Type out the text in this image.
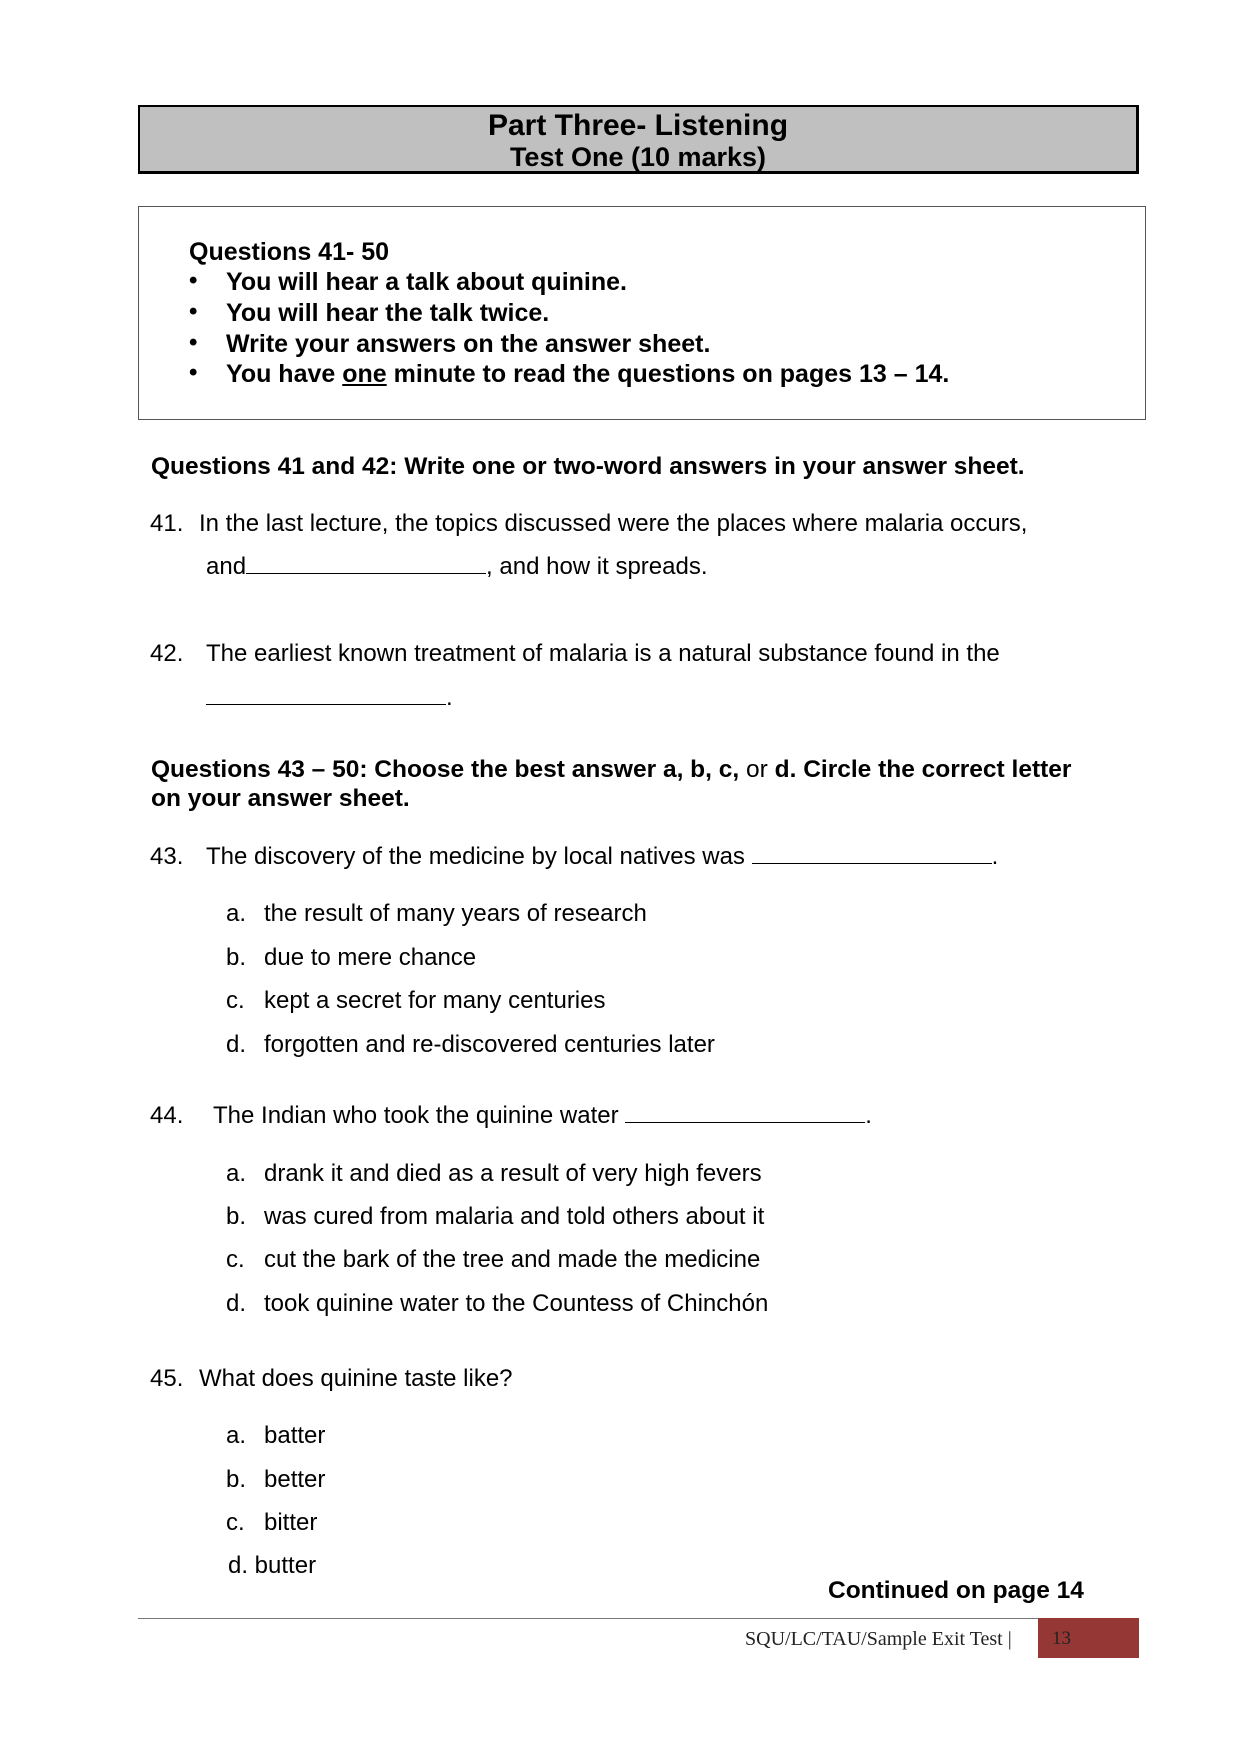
Part Three- Listening
Test One (10 marks)
Questions 41- 50
• You will hear a talk about quinine.
• You will hear the talk twice.
• Write your answers on the answer sheet.
• You have one minute to read the questions on pages 13 – 14.
Questions 41 and 42: Write one or two-word answers in your answer sheet.
41. In the last lecture, the topics discussed were the places where malaria occurs,
and	, and how it spreads.
42. The earliest known treatment of malaria is a natural substance found in the
.
Questions 43 – 50: Choose the best answer a, b, c, or d. Circle the correct letter
on your answer sheet.
43. The discovery of the medicine by local natives was	.
a. the result of many years of research
b. due to mere chance
c. kept a secret for many centuries
d. forgotten and re-discovered centuries later
44. The Indian who took the quinine water	.
a. drank it and died as a result of very high fevers
b. was cured from malaria and told others about it
c. cut the bark of the tree and made the medicine
d. took quinine water to the Countess of Chinchón
45. What does quinine taste like?
a. batter
b. better
c. bitter
d. butter
Continued on page 14
SQU/LC/TAU/Sample Exit Test |	13
